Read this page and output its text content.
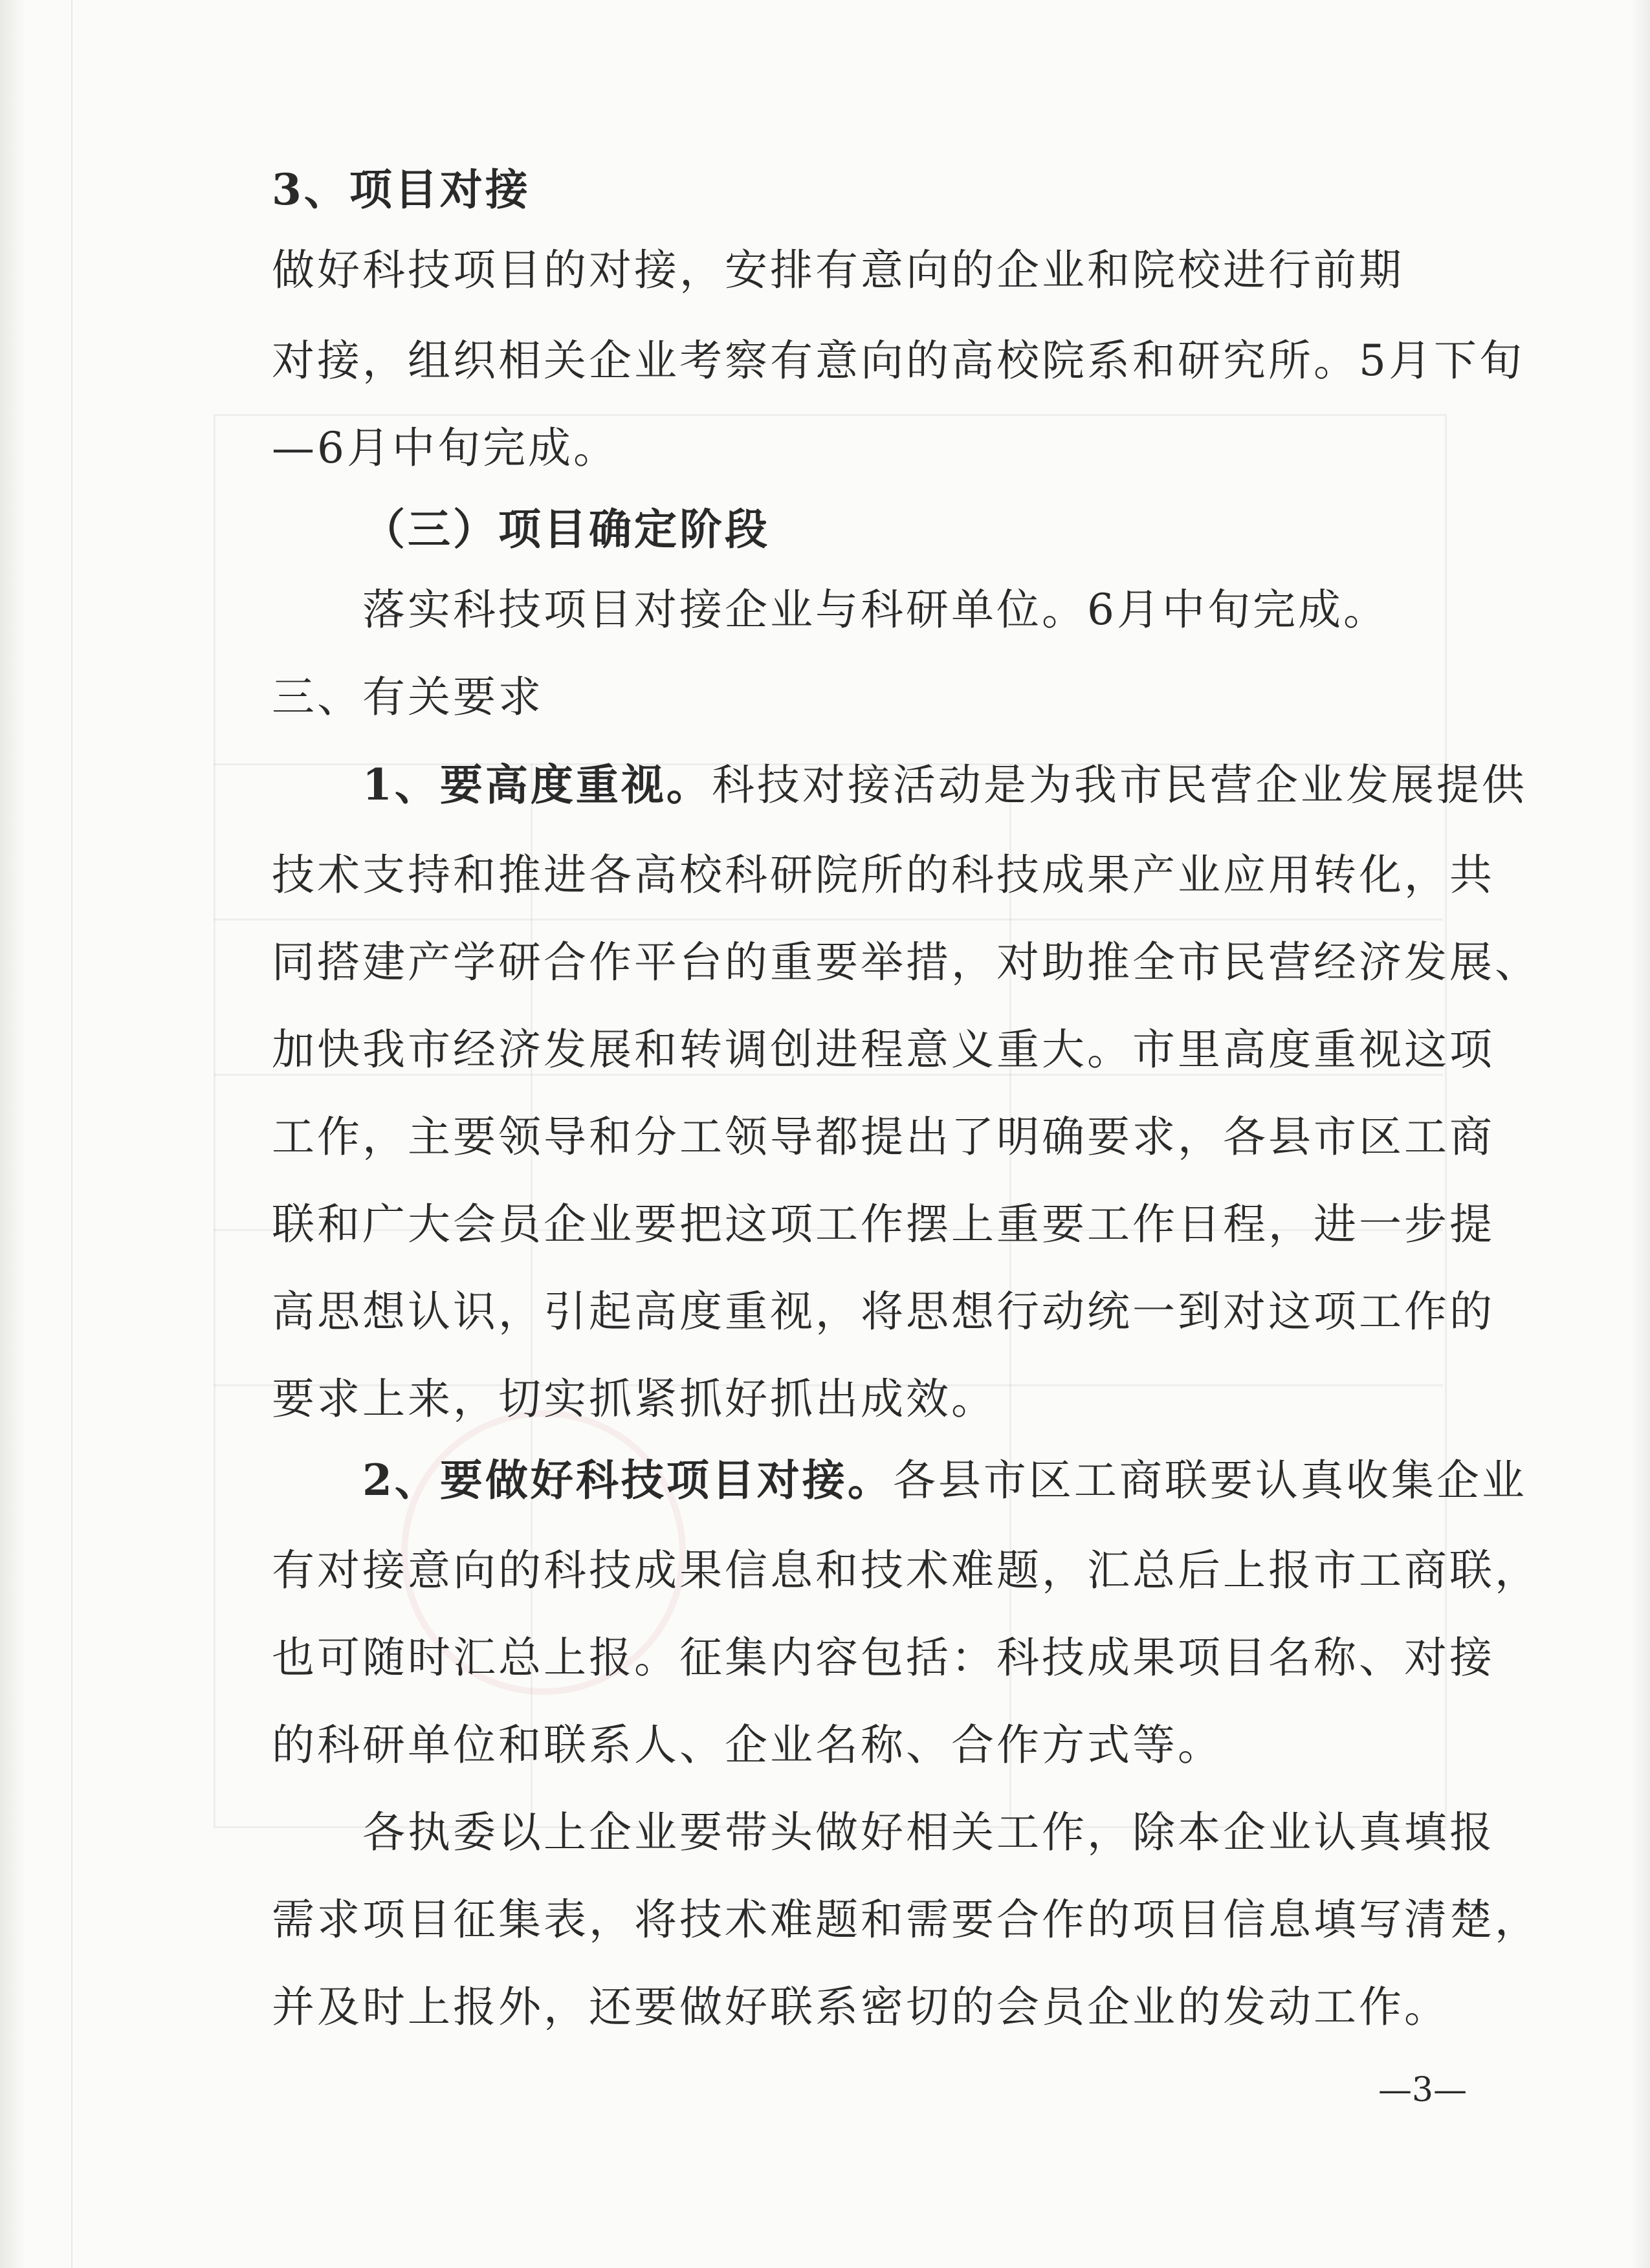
3、项目对接
做好科技项目的对接，安排有意向的企业和院校进行前期
对接，组织相关企业考察有意向的高校院系和研究所。5月下旬
—6月中旬完成。
（三）项目确定阶段
落实科技项目对接企业与科研单位。6月中旬完成。
三、有关要求
1、要高度重视。科技对接活动是为我市民营企业发展提供
技术支持和推进各高校科研院所的科技成果产业应用转化，共
同搭建产学研合作平台的重要举措，对助推全市民营经济发展、
加快我市经济发展和转调创进程意义重大。市里高度重视这项
工作，主要领导和分工领导都提出了明确要求，各县市区工商
联和广大会员企业要把这项工作摆上重要工作日程，进一步提
高思想认识，引起高度重视，将思想行动统一到对这项工作的
要求上来，切实抓紧抓好抓出成效。
2、要做好科技项目对接。各县市区工商联要认真收集企业
有对接意向的科技成果信息和技术难题，汇总后上报市工商联，
也可随时汇总上报。征集内容包括：科技成果项目名称、对接
的科研单位和联系人、企业名称、合作方式等。
各执委以上企业要带头做好相关工作，除本企业认真填报
需求项目征集表，将技术难题和需要合作的项目信息填写清楚，
并及时上报外，还要做好联系密切的会员企业的发动工作。
—3—
